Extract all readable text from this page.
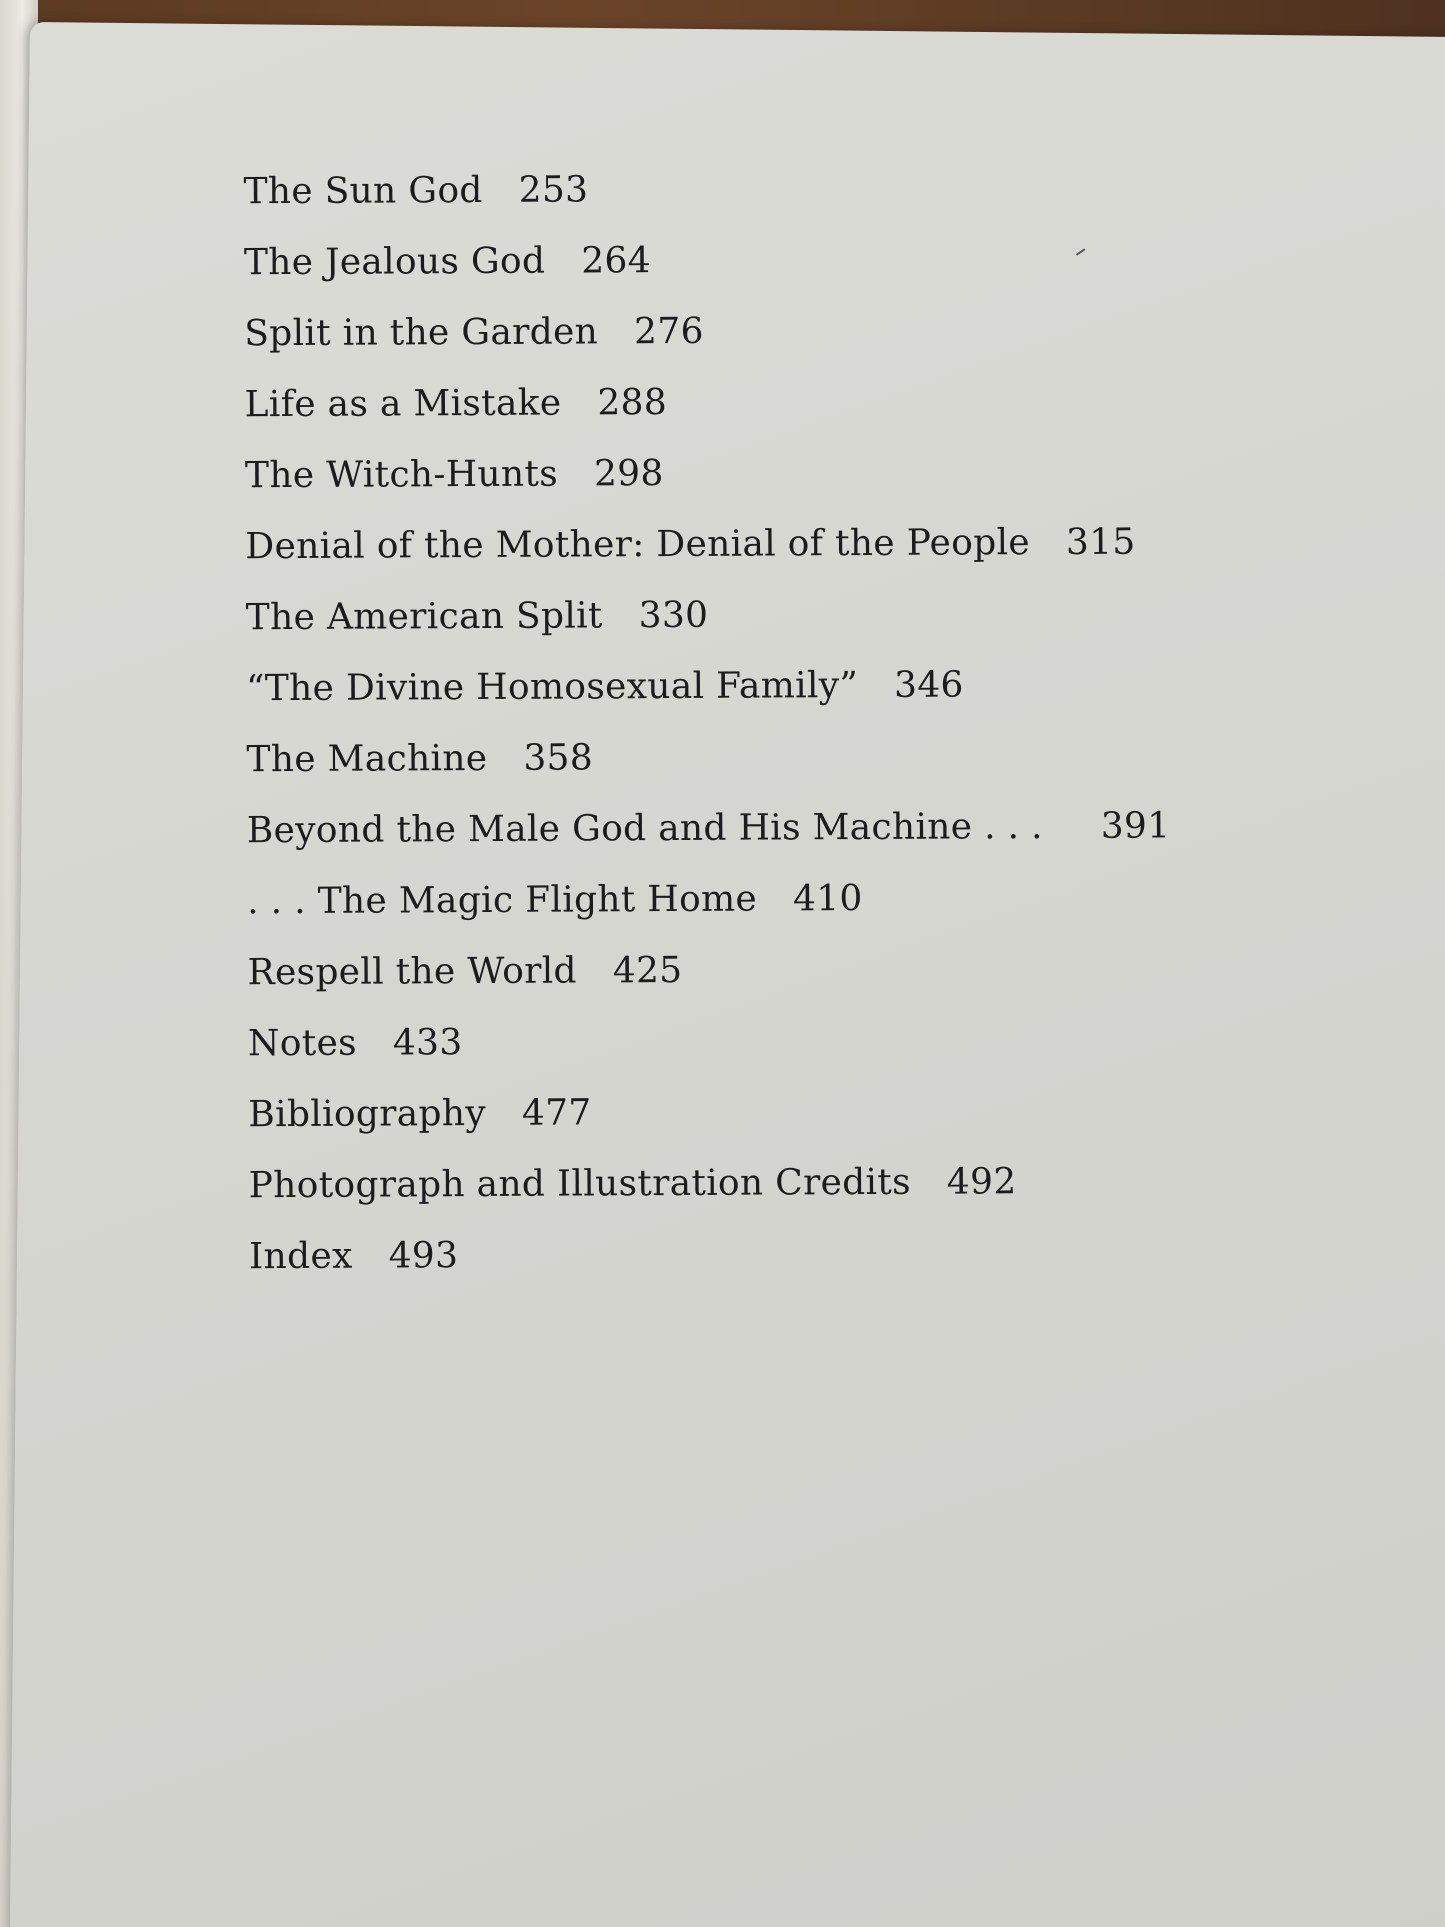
The Sun God 253
The Jealous God 264
Split in the Garden 276
Life as a Mistake 288
The Witch-Hunts 298
Denial of the Mother: Denial of the People 315
The American Split 330
“The Divine Homosexual Family” 346
The Machine 358
Beyond the Male God and His Machine . . . 391
. . . The Magic Flight Home 410
Respell the World 425
Notes 433
Bibliography 477
Photograph and Illustration Credits 492
Index 493
